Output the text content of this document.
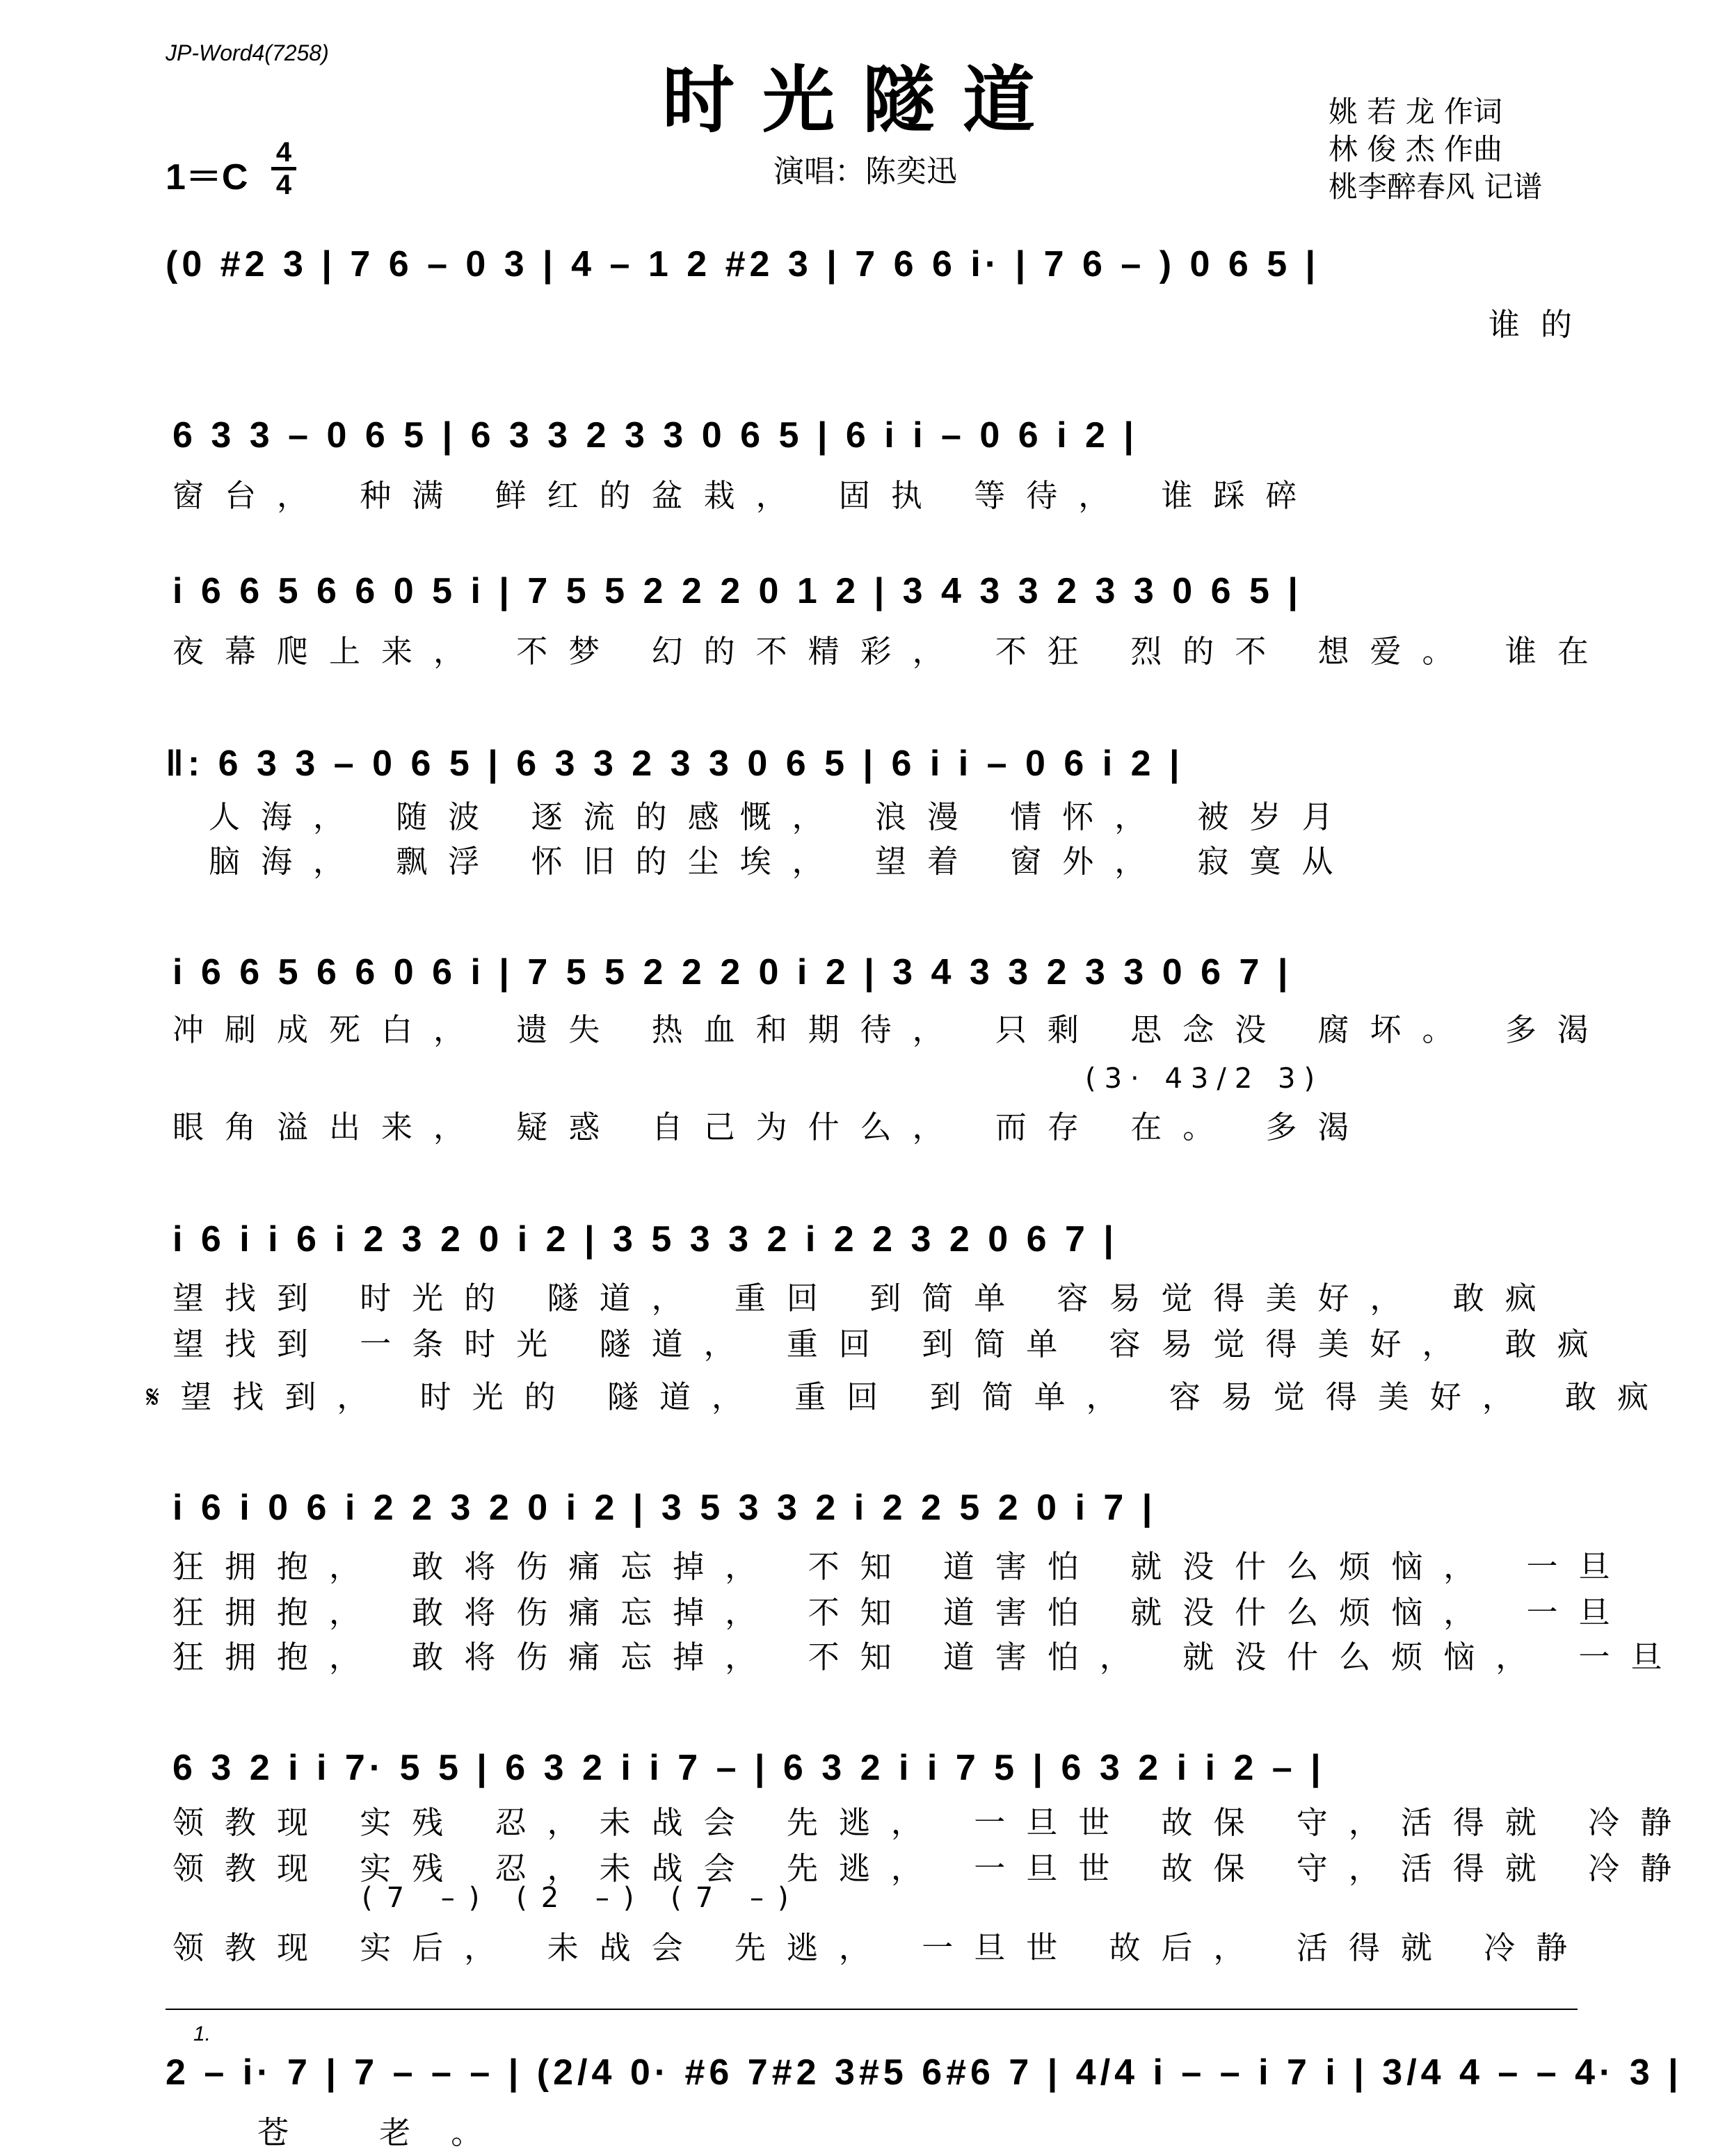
JP-Word4(7258)
时光隧道
演唱：陈奕迅
姚 若 龙 作词
林 俊 杰 作曲
桃李醉春风 记谱
1＝C
4
4
(0 #2 3 | 7 6 – 0 3 | 4 – 1 2 #2 3 | 7 6 6 i· | 7 6 – ) 0 6 5 |
谁的
6 3 3 – 0 6 5 | 6 3 3 2 3 3 0 6 5 | 6 i i – 0 6 i 2 |
窗台， 种满 鲜红的盆栽， 固执 等待， 谁踩碎
i 6 6 5 6 6 0 5 i | 7 5 5 2 2 2 0 1 2 | 3 4 3 3 2 3 3 0 6 5 |
夜幕爬上来， 不梦 幻的不精彩， 不狂 烈的不 想爱。 谁在
‖: 6 3 3 – 0 6 5 | 6 3 3 2 3 3 0 6 5 | 6 i i – 0 6 i 2 |
人海， 随波 逐流的感慨， 浪漫 情怀， 被岁月
脑海， 飘浮 怀旧的尘埃， 望着 窗外， 寂寞从
i 6 6 5 6 6 0 6 i | 7 5 5 2 2 2 0 i 2 | 3 4 3 3 2 3 3 0 6 7 |
冲刷成死白， 遗失 热血和期待， 只剩 思念没 腐坏。 多渴
(3· 43/2 3)
眼角溢出来， 疑惑 自己为什么， 而存 在。 多渴
i 6 i i 6 i 2 3 2 0 i 2 | 3 5 3 3 2 i 2 2 3 2 0 6 7 |
望找到 时光的 隧道， 重回 到简单 容易觉得美好， 敢疯
望找到 一条时光 隧道， 重回 到简单 容易觉得美好， 敢疯
𝄋望找到， 时光的 隧道， 重回 到简单， 容易觉得美好， 敢疯
i 6 i 0 6 i 2 2 3 2 0 i 2 | 3 5 3 3 2 i 2 2 5 2 0 i 7 |
狂拥抱， 敢将伤痛忘掉， 不知 道害怕 就没什么烦恼， 一旦
狂拥抱， 敢将伤痛忘掉， 不知 道害怕 就没什么烦恼， 一旦
狂拥抱， 敢将伤痛忘掉， 不知 道害怕， 就没什么烦恼， 一旦
6 3 2 i i 7· 5 5 | 6 3 2 i i 7 – | 6 3 2 i i 7 5 | 6 3 2 i i 2 – |
领教现 实残 忍，未战会 先逃， 一旦世 故保 守，活得就 冷静
领教现 实残 忍，未战会 先逃， 一旦世 故保 守，活得就 冷静
(7 –) (2 –) (7 –)
领教现 实后， 未战会 先逃， 一旦世 故后， 活得就 冷静
1.
2 – i· 7 | 7 – – – | (2/4 0· #6 7#2 3#5 6#6 7 | 4/4 i – – i 7 i | 3/4 4 – – 4· 3 |
苍 老。
